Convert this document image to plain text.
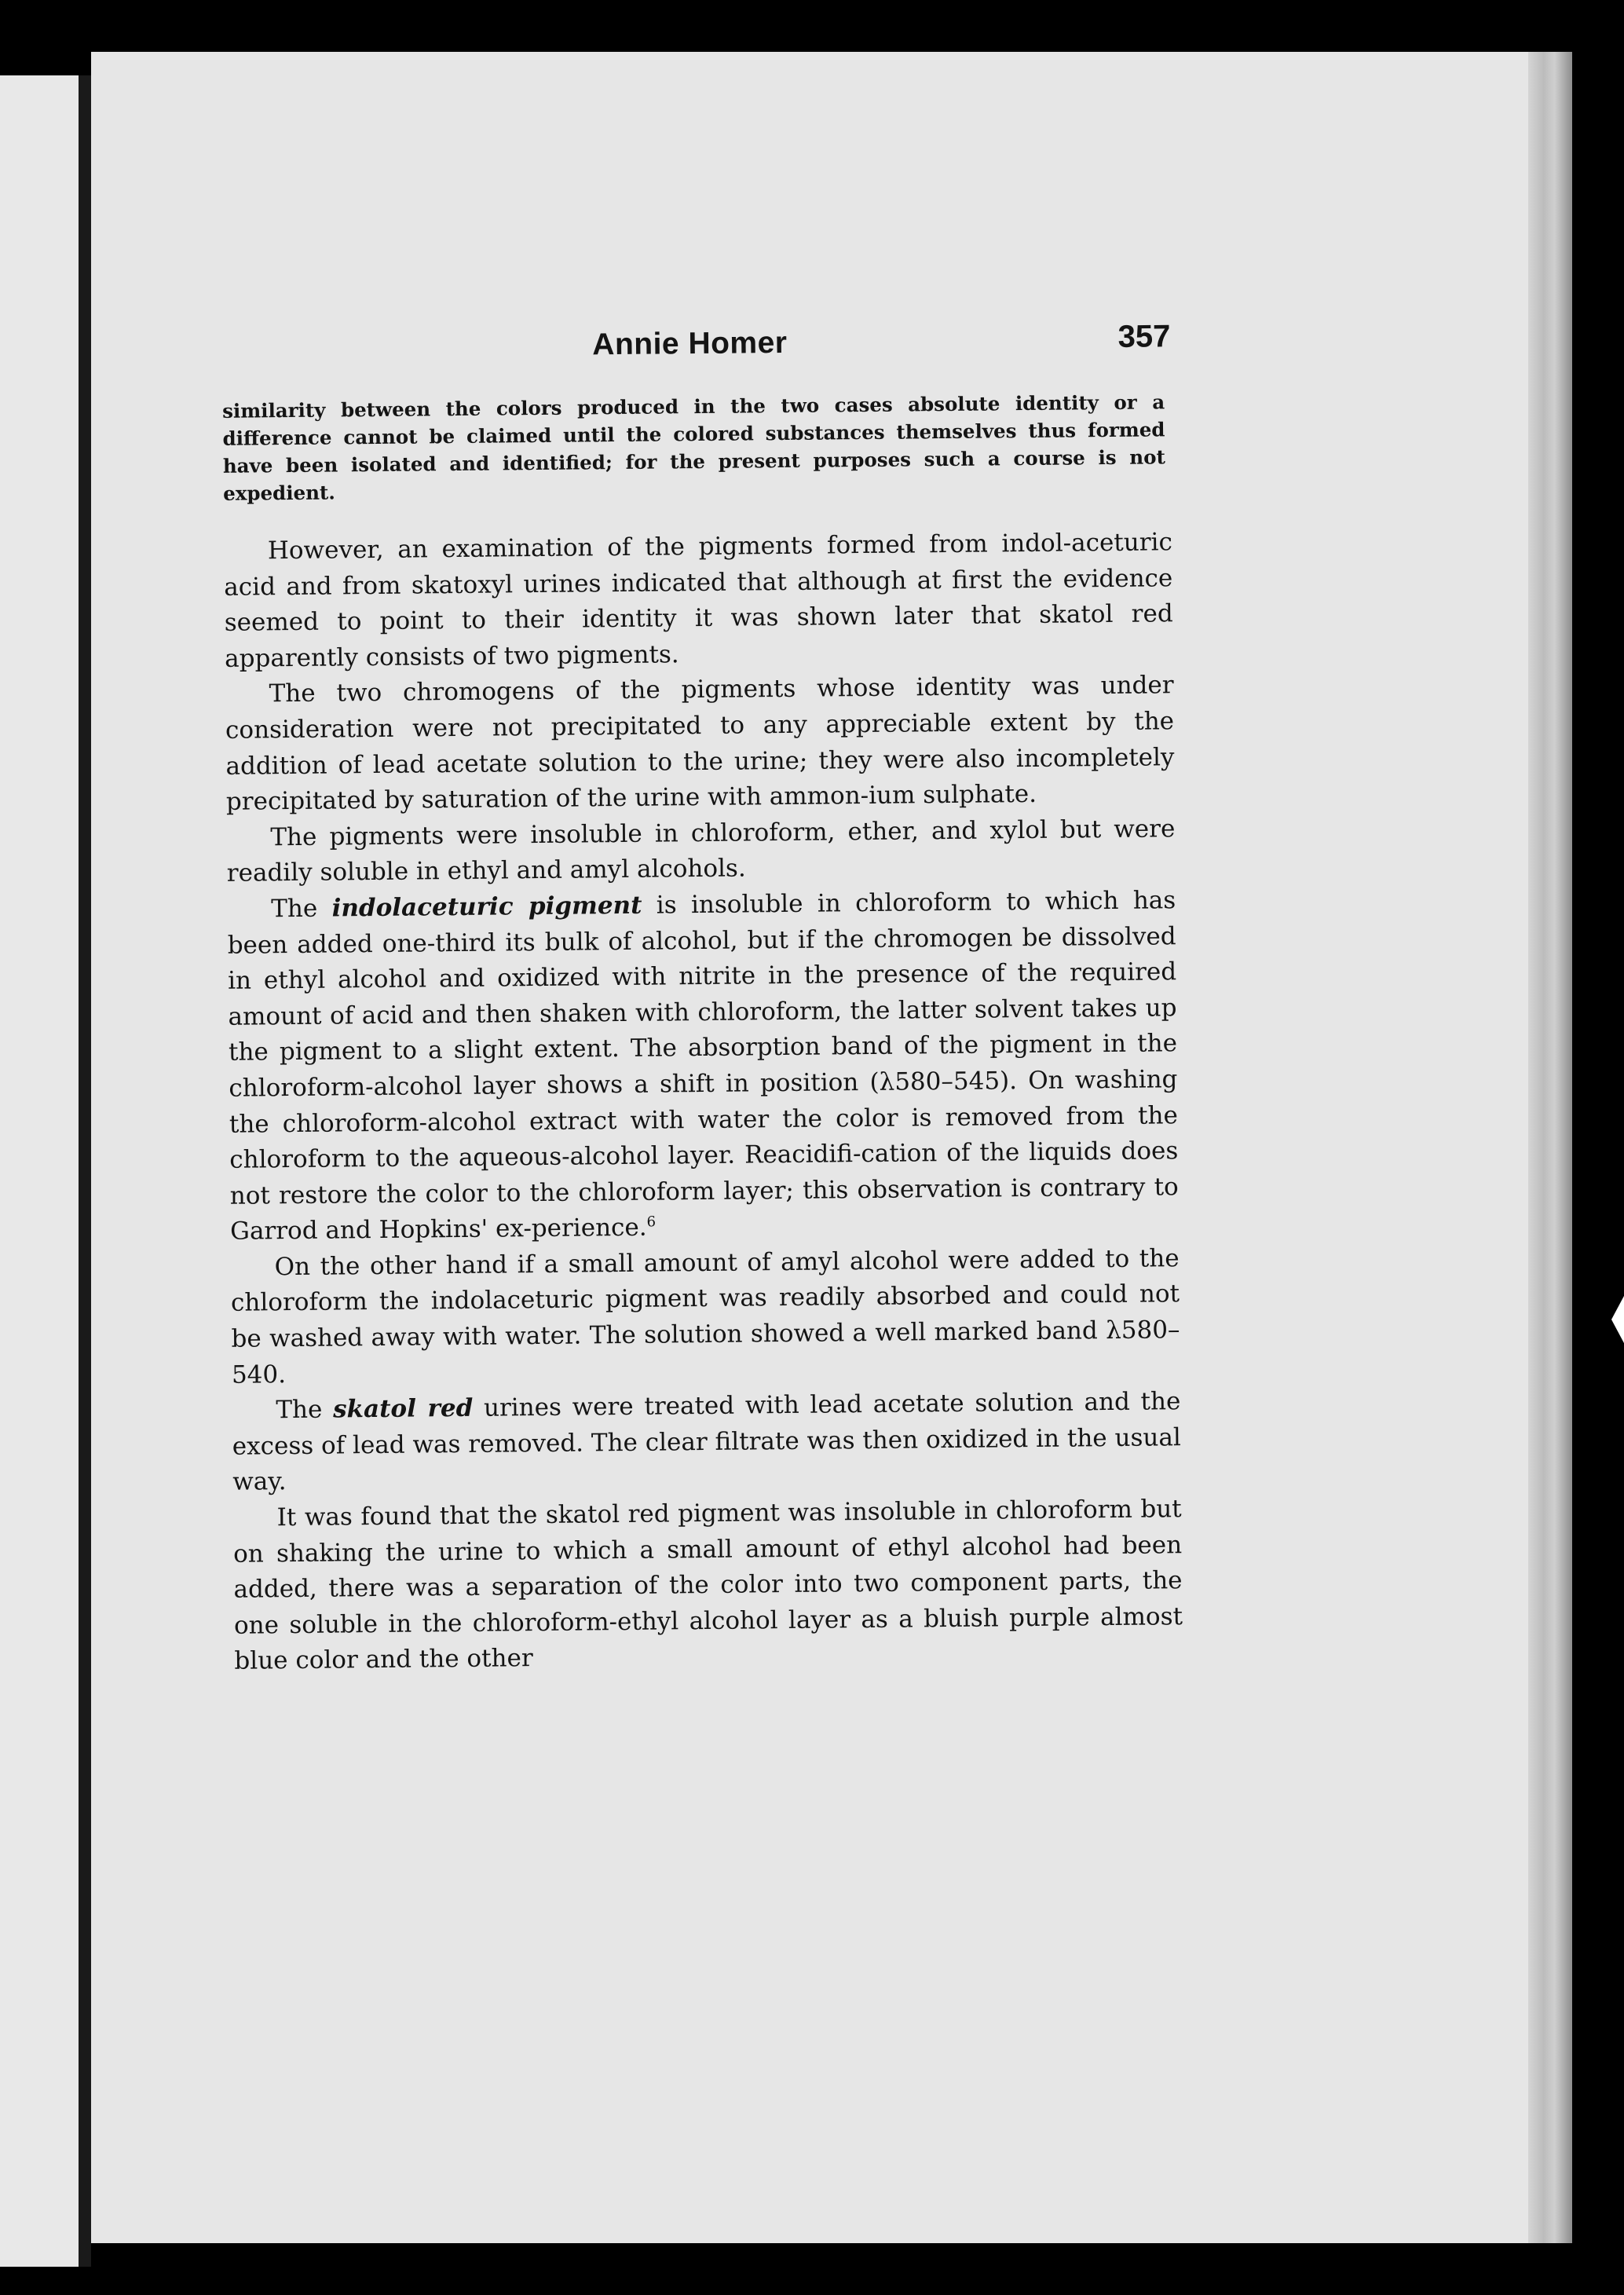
Annie Homer	357

similarity between the colors produced in the two cases absolute identity or a difference cannot be claimed until the colored substances themselves thus formed have been isolated and identified; for the present purposes such a course is not expedient.

However, an examination of the pigments formed from indol-aceturic acid and from skatoxyl urines indicated that although at first the evidence seemed to point to their identity it was shown later that skatol red apparently consists of two pigments.

The two chromogens of the pigments whose identity was under consideration were not precipitated to any appreciable extent by the addition of lead acetate solution to the urine; they were also incompletely precipitated by saturation of the urine with ammon-ium sulphate.

The pigments were insoluble in chloroform, ether, and xylol but were readily soluble in ethyl and amyl alcohols.

The indolaceturic pigment is insoluble in chloroform to which has been added one-third its bulk of alcohol, but if the chromogen be dissolved in ethyl alcohol and oxidized with nitrite in the presence of the required amount of acid and then shaken with chloroform, the latter solvent takes up the pigment to a slight extent. The absorption band of the pigment in the chloroform-alcohol layer shows a shift in position (λ580–545). On washing the chloroform-alcohol extract with water the color is removed from the chloroform to the aqueous-alcohol layer. Reacidifi-cation of the liquids does not restore the color to the chloroform layer; this observation is contrary to Garrod and Hopkins' ex-perience.$^6$

On the other hand if a small amount of amyl alcohol were added to the chloroform the indolaceturic pigment was readily absorbed and could not be washed away with water. The solution showed a well marked band λ580–540.

The skatol red urines were treated with lead acetate solution and the excess of lead was removed. The clear filtrate was then oxidized in the usual way.

It was found that the skatol red pigment was insoluble in chloroform but on shaking the urine to which a small amount of ethyl alcohol had been added, there was a separation of the color into two component parts, the one soluble in the chloroform-ethyl alcohol layer as a bluish purple almost blue color and the other
